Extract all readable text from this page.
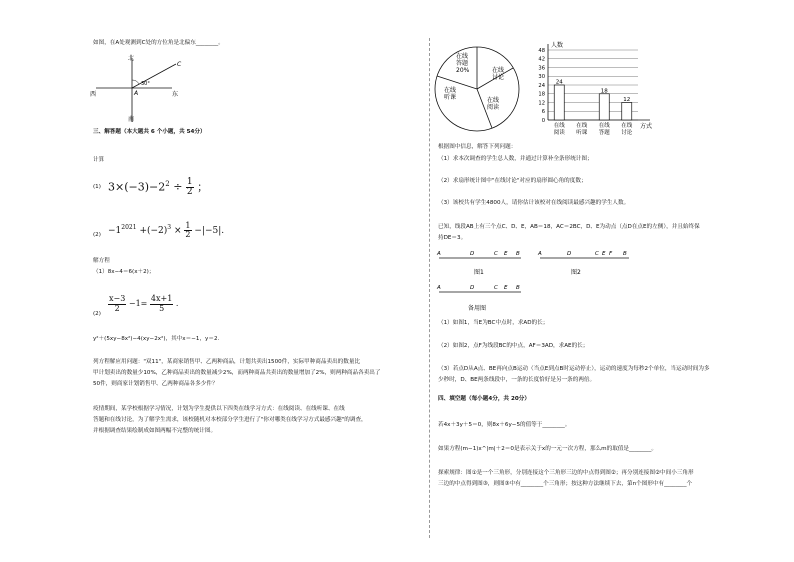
如图，在A处观测到C处的方位角是北偏东________。
北
南
西	东
A
C
30°
三、解答题（本大题共 6 个小题，共 54分）
计算
(1) $3\times(-3)-2^2 \div \frac{1}{2}$ ；
$(2) -1^{2021} +(-2)^3 \times \frac{1}{2} -|-5|$.
解方程
（1）8x−4＝6(x＋2)；
(2)
$\frac{x-3}{2} -1= \frac{4x+1}{5}$ .
y²＋(5xy−8x²)−4(xy−2x²)，其中x＝−1，y＝2.
列方程解应用问题："双11"，某商家销售甲、乙两种商品，计划共卖出1500件，实际甲种商品卖出的数量比
甲计划卖出的数量少10%，乙种商品卖出的数量减少2%，而两种商品共卖出的数量增加了2%，则两种商品各卖出了
50件，则商家计划销售甲、乙两种商品各多少件？
疫情期间，某学校根据学习情况，计划为学生提供以下四类在线学习方式：在线阅读、在线听课、在线
答题和在线讨论，为了解学生需求，该校随机对本校部分学生进行了"你对哪类在线学习方式最感兴趣"的调查，
并根据调查结果绘制成如图两幅不完整的统计图。
在线
答题
20%	在线
讨论
在线
听课	在线
阅读
48
42
36
30
24
18
12
6
0
人数
方式
24
在线
阅读
在线
听课
18
在线
答题
12
在线
讨论
根据图中信息，解答下列问题：
（1）求本次调查的学生总人数，并通过计算补全条形统计图；
（2）求扇形统计图中"在线讨论"对应的扇形圆心角的度数；
（3）该校共有学生4800人，请你估计该校对在线阅读最感兴趣的学生人数。
已知，线段AB上有三个点C、D、E，AB＝18，AC＝2BC，D、E为动点（点D在点E的左侧），并且始终保
持DE＝3。
A	D	C E B
图1
A	D	C E F B
图2
A	D	C E B
备用图
（1）如图1，当E为BC中点时，求AD的长；
（2）如图2，点F为线段BC的中点，AF＝3AD，求AE的长；
（3）若点D从A点、BE再向点B运动（当点E到点B时运动停止），运动的速度为每秒2个单位，当运动时间为多
少秒时，D、BE两条线段中，一条的长度恰好是另一条的两倍。
四、填空题（每小题4分，共 20分）
若4x＋3y＋5＝0，则8x＋6y−5的值等于________。
如果方程(m−1)x^|m|＋2＝0是表示关于x的一元一次方程，那么m的取值是________。
探索规律：图①是一个三角形，分别连接这个三角形三边的中点得到图②；再分别连接图②中间小三角形
三边的中点得到图③，则图③中有________个三角形；按这种方法继续下去，第n个图形中有________个
